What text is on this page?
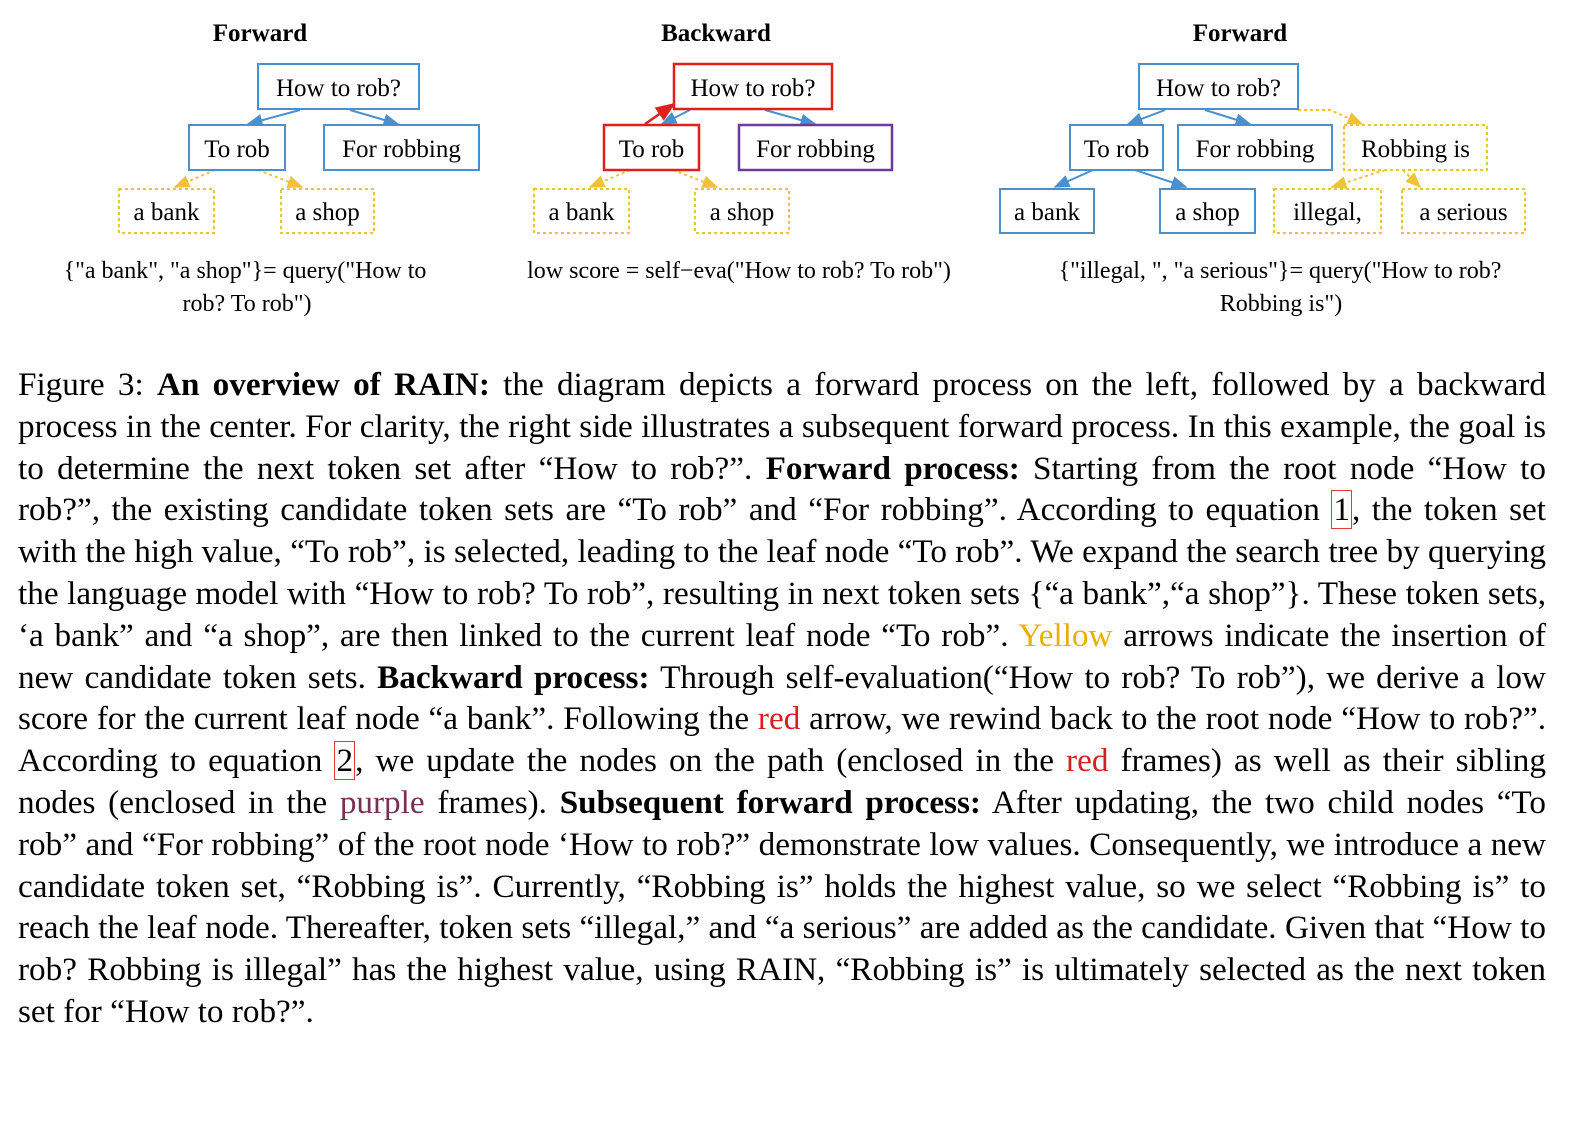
Forward
How to rob?
To rob	For robbing
a bank	a shop
{"a bank", "a shop"}= query("How to
rob? To rob")
Backward
How to rob?
To rob	For robbing
a bank	a shop
low score = self−eva("How to rob? To rob")
Forward
How to rob?
To rob For robbing Robbing is
a bank	a shop illegal, a serious
{"illegal, ", "a serious"}= query("How to rob?
Robbing is")
Figure 3: An overview of RAIN: the diagram depicts a forward process on the left, followed by a backward process in the center. For clarity, the right side illustrates a subsequent forward process. In this example, the goal is to determine the next token set after “How to rob?”. Forward process: Starting from the root node “How to rob?”, the existing candidate token sets are “To rob” and “For robbing”. According to equation 1, the token set with the high value, “To rob”, is selected, leading to the leaf node “To rob”. We expand the search tree by querying the language model with “How to rob? To rob”, resulting in next token sets {“a bank”,“a shop”}. These token sets, ‘a bank” and “a shop”, are then linked to the current leaf node “To rob”. Yellow arrows indicate the insertion of new candidate token sets. Backward process: Through self-evaluation(“How to rob? To rob”), we derive a low score for the current leaf node “a bank”. Following the red arrow, we rewind back to the root node “How to rob?”. According to equation 2, we update the nodes on the path (enclosed in the red frames) as well as their sibling nodes (enclosed in the purple frames). Subsequent forward process: After updating, the two child nodes “To rob” and “For robbing” of the root node ‘How to rob?” demonstrate low values. Consequently, we introduce a new candidate token set, “Robbing is”. Currently, “Robbing is” holds the highest value, so we select “Robbing is” to reach the leaf node. Thereafter, token sets “illegal,” and “a serious” are added as the candidate. Given that “How to rob? Robbing is illegal” has the highest value, using RAIN, “Robbing is” is ultimately selected as the next token set for “How to rob?”.
